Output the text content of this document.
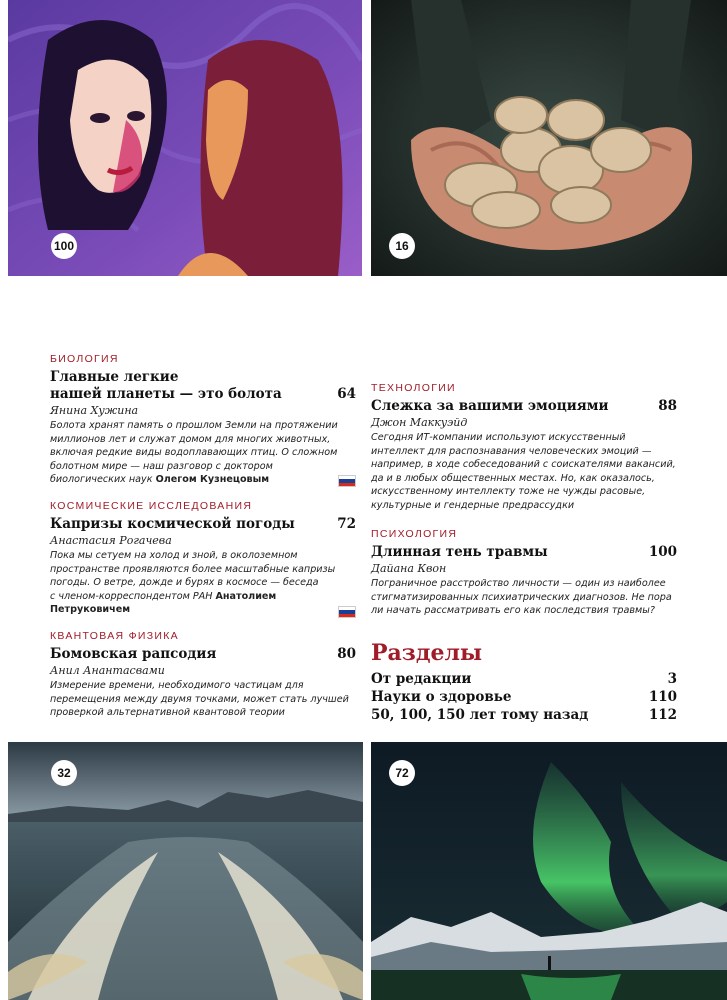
100	16
БИОЛОГИЯ
Главные легкие
нашей планеты — это болота	64
Янина Хужина
Болота хранят память о прошлом Земли на протяжении
миллионов лет и служат домом для многих животных,
включая редкие виды водоплавающих птиц. О сложном
болотном мире — наш разговор с доктором
биологических наук Олегом Кузнецовым
КОСМИЧЕСКИЕ ИССЛЕДОВАНИЯ
Капризы космической погоды	72
Анастасия Рогачева
Пока мы сетуем на холод и зной, в околоземном
пространстве проявляются более масштабные капризы
погоды. О ветре, дожде и бурях в космосе — беседа
с членом-корреспондентом РАН Анатолием
Петруковичем
КВАНТОВАЯ ФИЗИКА
Бомовская рапсодия	80
Анил Анантасвами
Измерение времени, необходимого частицам для
перемещения между двумя точками, может стать лучшей
проверкой альтернативной квантовой теории
ТЕХНОЛОГИИ
Слежка за вашими эмоциями	88
Джон Маккуэйд
Сегодня ИТ-компании используют искусственный
интеллект для распознавания человеческих эмоций —
например, в ходе собеседований с соискателями вакансий,
да и в любых общественных местах. Но, как оказалось,
искусственному интеллекту тоже не чужды расовые,
культурные и гендерные предрассудки
ПСИХОЛОГИЯ
Длинная тень травмы	100
Дайана Квон
Пограничное расстройство личности — один из наиболее
стигматизированных психиатрических диагнозов. Не пора
ли начать рассматривать его как последствия травмы?
Разделы
От редакции	3
Науки о здоровье	110
50, 100, 150 лет тому назад	112
32	72
